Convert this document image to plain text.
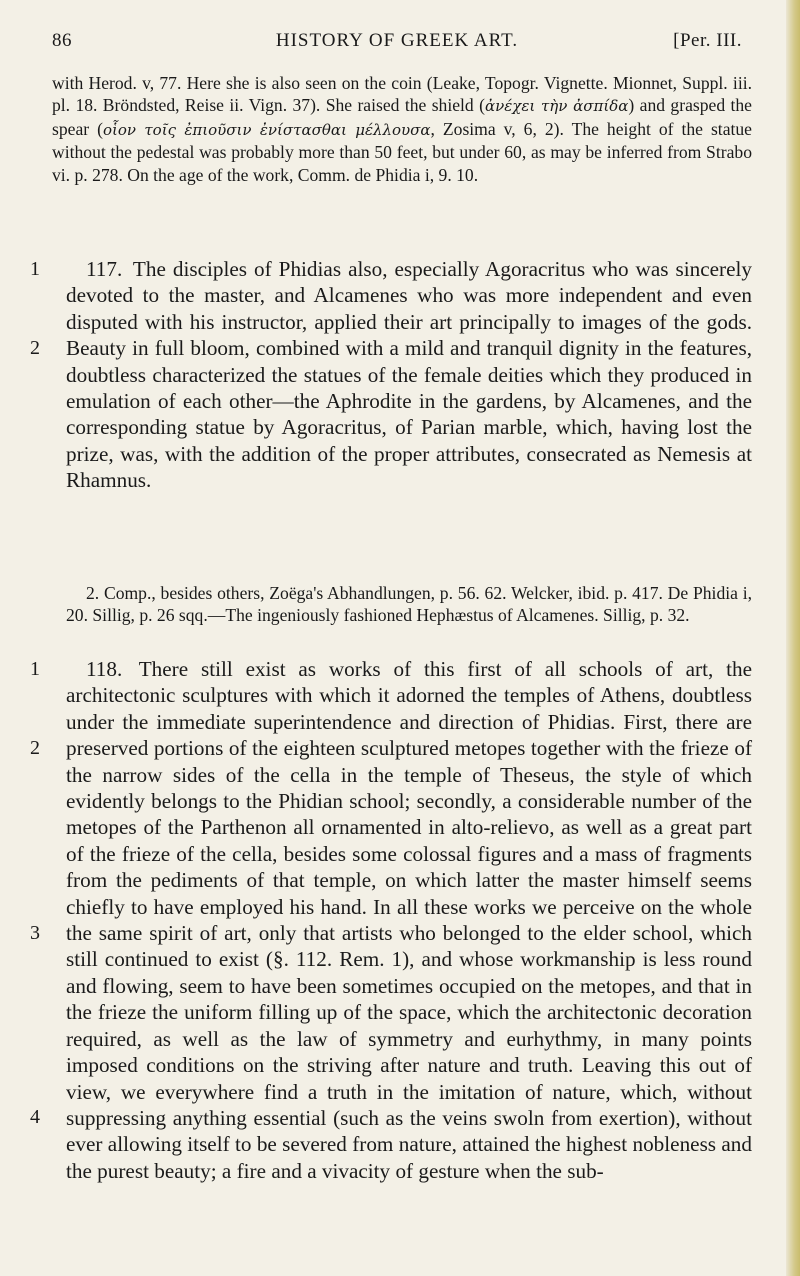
86	HISTORY OF GREEK ART.	[Per. III.

with Herod. v, 77. Here she is also seen on the coin (Leake, Topogr. Vignette. Mionnet, Suppl. iii. pl. 18. Bröndsted, Reise ii. Vign. 37). She raised the shield (ἀνέχει τὴν ἀσπίδα) and grasped the spear (οἷον τοῖς ἐπιοῦσιν ἐνίστασθαι μέλλουσα, Zosima v, 6, 2). The height of the statue without the pedestal was probably more than 50 feet, but under 60, as may be inferred from Strabo vi. p. 278. On the age of the work, Comm. de Phidia i, 9. 10.

1
2

117. The disciples of Phidias also, especially Agoracritus who was sincerely devoted to the master, and Alcamenes who was more independent and even disputed with his instructor, applied their art principally to images of the gods. Beauty in full bloom, combined with a mild and tranquil dignity in the features, doubtless characterized the statues of the female deities which they produced in emulation of each other—the Aphrodite in the gardens, by Alcamenes, and the corresponding statue by Agoracritus, of Parian marble, which, having lost the prize, was, with the addition of the proper attributes, consecrated as Nemesis at Rhamnus.

2. Comp., besides others, Zoëga's Abhandlungen, p. 56. 62. Welcker, ibid. p. 417. De Phidia i, 20. Sillig, p. 26 sqq.—The ingeniously fashioned Hephæstus of Alcamenes. Sillig, p. 32.

1
2
3
4

118. There still exist as works of this first of all schools of art, the architectonic sculptures with which it adorned the temples of Athens, doubtless under the immediate superintendence and direction of Phidias. First, there are preserved portions of the eighteen sculptured metopes together with the frieze of the narrow sides of the cella in the temple of Theseus, the style of which evidently belongs to the Phidian school; secondly, a considerable number of the metopes of the Parthenon all ornamented in alto-relievo, as well as a great part of the frieze of the cella, besides some colossal figures and a mass of fragments from the pediments of that temple, on which latter the master himself seems chiefly to have employed his hand. In all these works we perceive on the whole the same spirit of art, only that artists who belonged to the elder school, which still continued to exist (§. 112. Rem. 1), and whose workmanship is less round and flowing, seem to have been sometimes occupied on the metopes, and that in the frieze the uniform filling up of the space, which the architectonic decoration required, as well as the law of symmetry and eurhythmy, in many points imposed conditions on the striving after nature and truth. Leaving this out of view, we everywhere find a truth in the imitation of nature, which, without suppressing anything essential (such as the veins swoln from exertion), without ever allowing itself to be severed from nature, attained the highest nobleness and the purest beauty; a fire and a vivacity of gesture when the sub-
